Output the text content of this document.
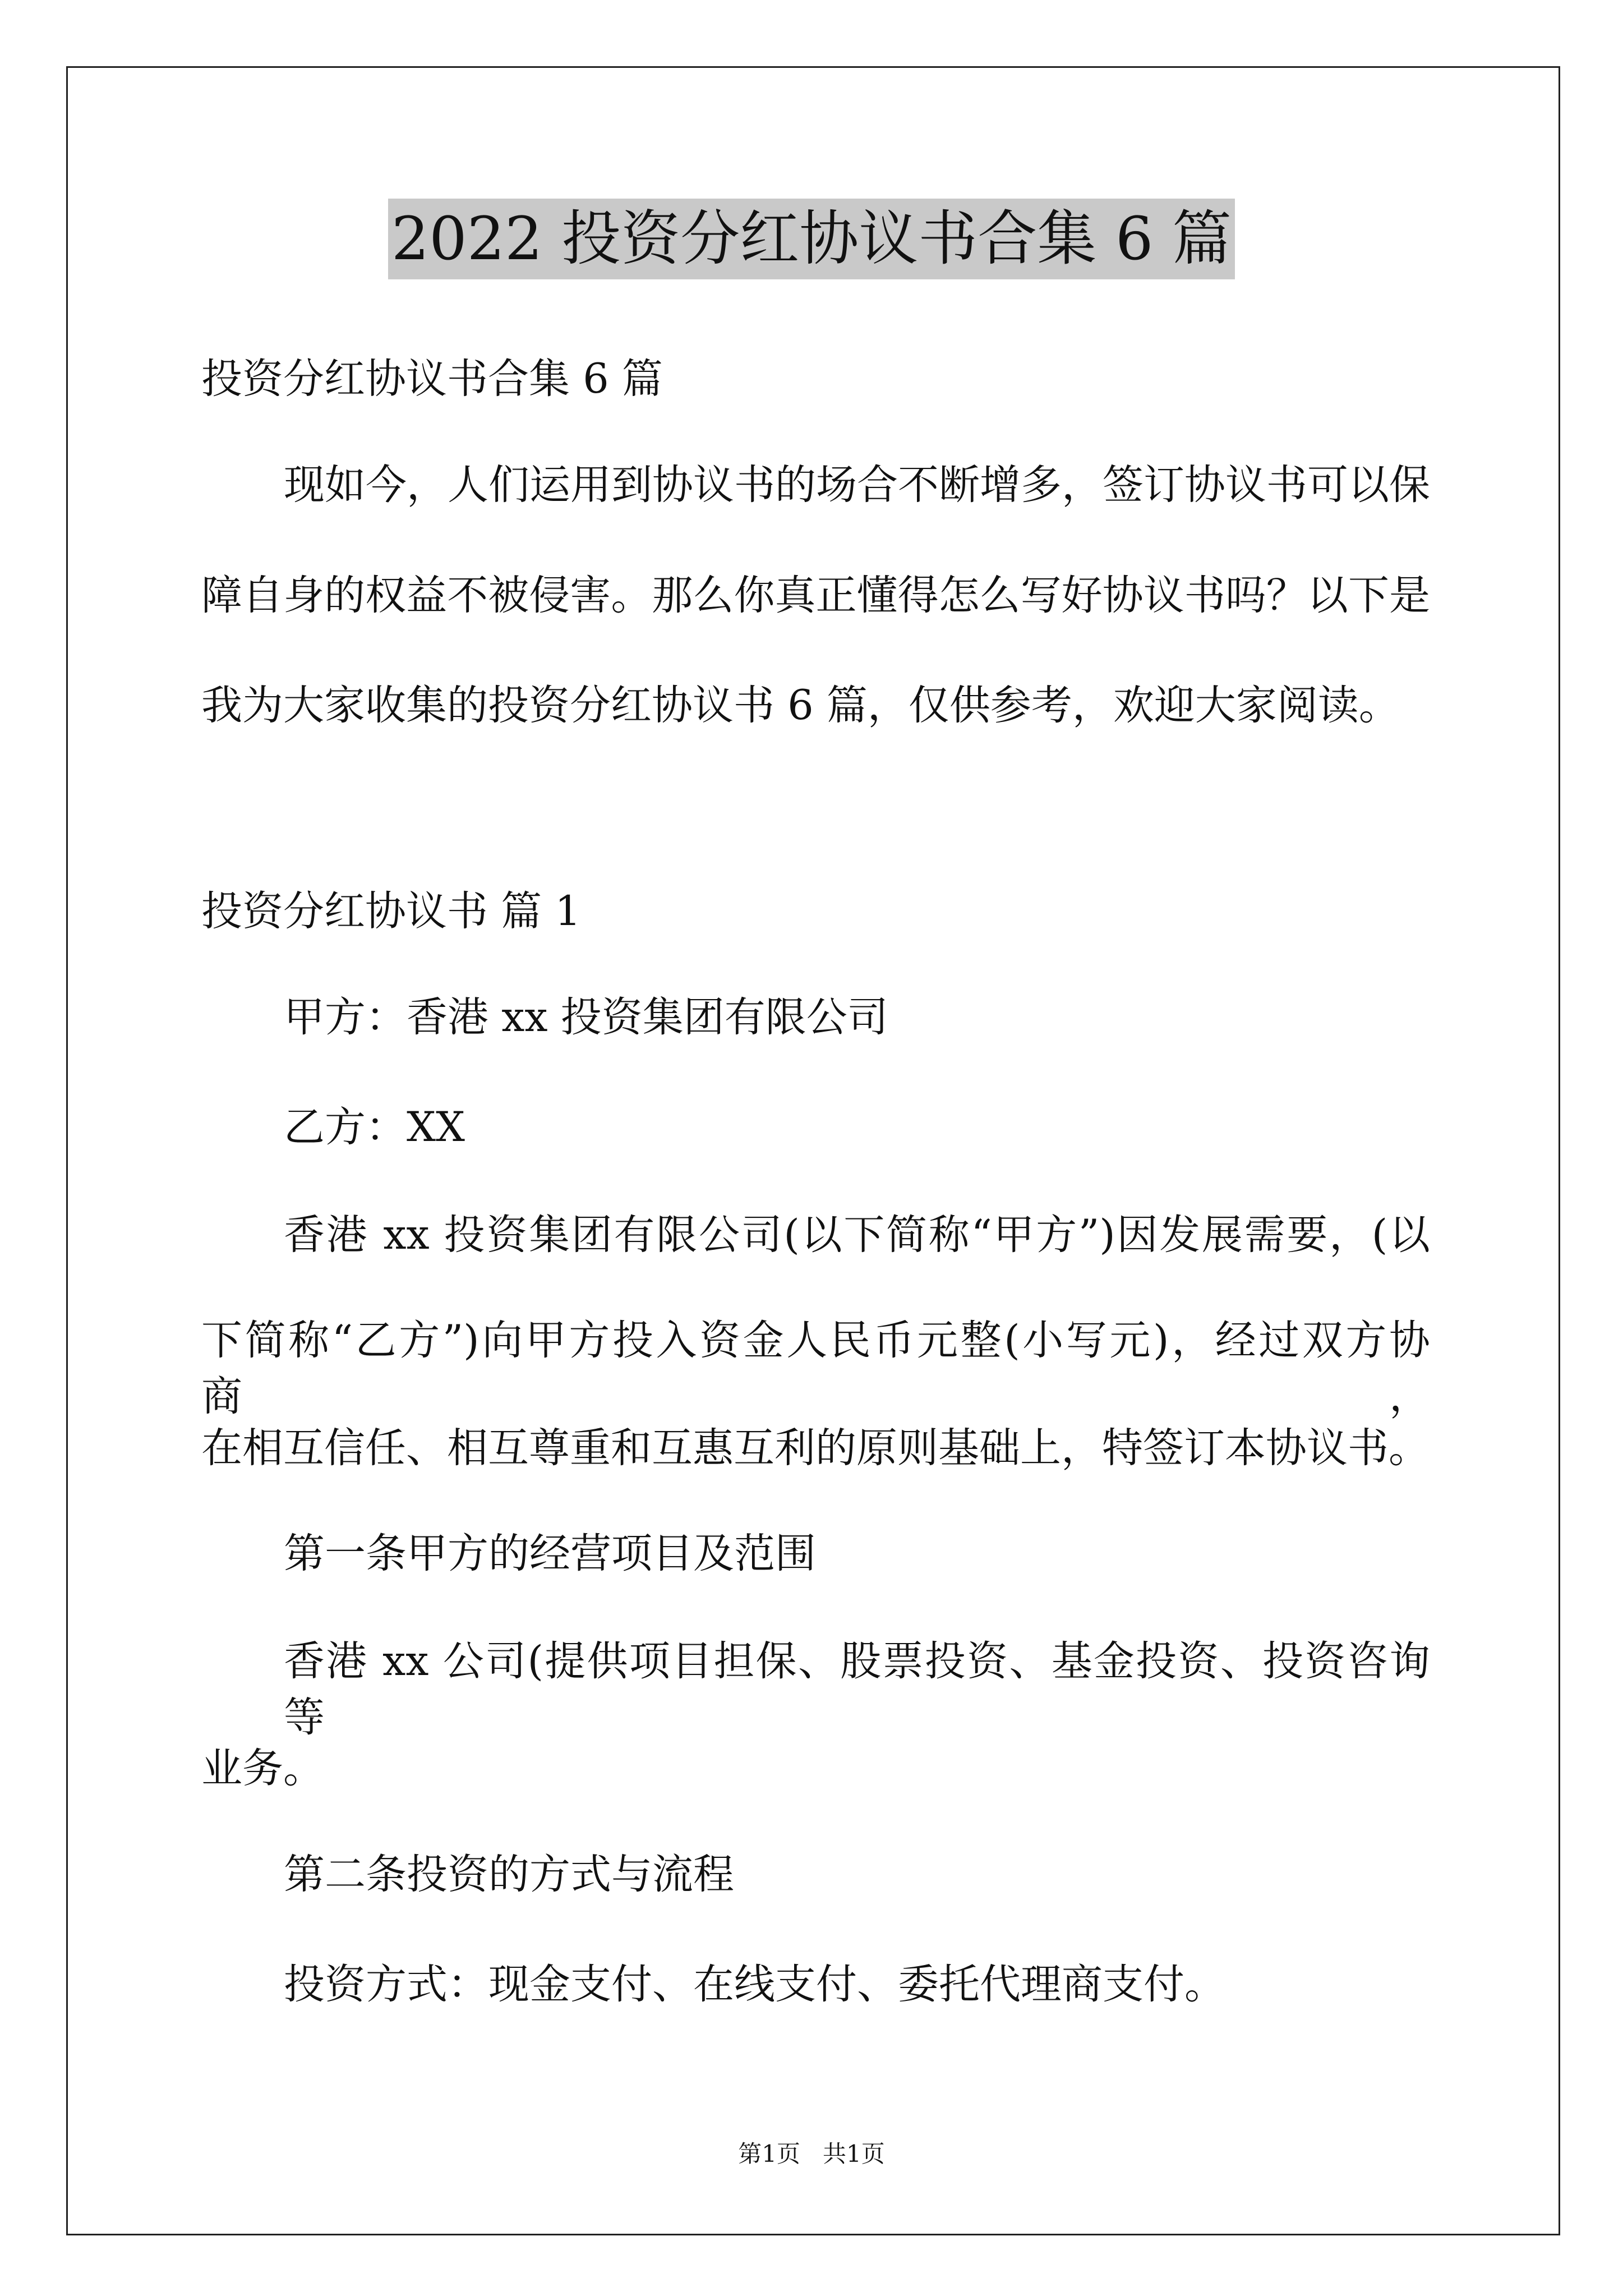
2022 投资分红协议书合集 6 篇
投资分红协议书合集 6 篇
现如今，人们运用到协议书的场合不断增多，签订协议书可以保
障自身的权益不被侵害。那么你真正懂得怎么写好协议书吗？以下是
我为大家收集的投资分红协议书 6 篇，仅供参考，欢迎大家阅读。
投资分红协议书 篇 1
甲方：香港 xx 投资集团有限公司
乙方：XX
香港 xx 投资集团有限公司(以下简称“甲方”)因发展需要，(以
下简称“乙方”)向甲方投入资金人民币元整(小写元)，经过双方协商，
在相互信任、相互尊重和互惠互利的原则基础上，特签订本协议书。
第一条甲方的经营项目及范围
香港 xx 公司(提供项目担保、股票投资、基金投资、投资咨询等
业务。
第二条投资的方式与流程
投资方式：现金支付、在线支付、委托代理商支付。
第1页   共1页
